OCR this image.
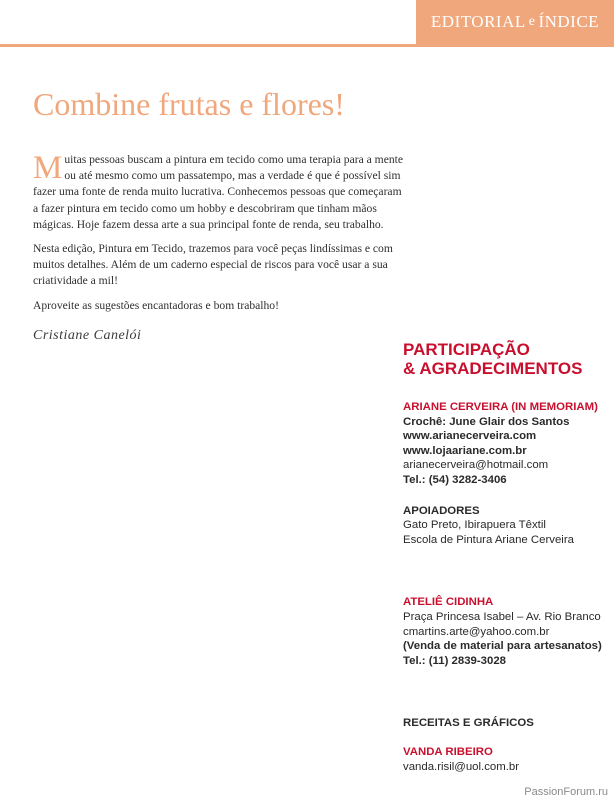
EDITORIAL e ÍNDICE
Combine frutas e flores!

Muitas pessoas buscam a pintura em tecido como uma terapia para a mente ou até mesmo como um passatempo, mas a verdade é que é possível sim fazer uma fonte de renda muito lucrativa. Conhecemos pessoas que começaram a fazer pintura em tecido como um hobby e descobriram que tinham mãos mágicas. Hoje fazem dessa arte a sua principal fonte de renda, seu trabalho.

Nesta edição, Pintura em Tecido, trazemos para você peças lindíssimas e com muitos detalhes. Além de um caderno especial de riscos para você usar a sua criatividade a mil!

Aproveite as sugestões encantadoras e bom trabalho!

Cristiane Canelói
PARTICIPAÇÃO
& AGRADECIMENTOS
ARIANE CERVEIRA (IN MEMORIAM)
Crochê: June Glair dos Santos
www.arianecerveira.com
www.lojaariane.com.br
arianecerveira@hotmail.com
Tel.: (54) 3282-3406
APOIADORES
Gato Preto, Ibirapuera Têxtil
Escola de Pintura Ariane Cerveira
ATELIÊ CIDINHA
Praça Princesa Isabel – Av. Rio Branco
cmartins.arte@yahoo.com.br
(Venda de material para artesanatos)
Tel.: (11) 2839-3028
RECEITAS E GRÁFICOS
VANDA RIBEIRO
vanda.risil@uol.com.br
PassionForum.ru
